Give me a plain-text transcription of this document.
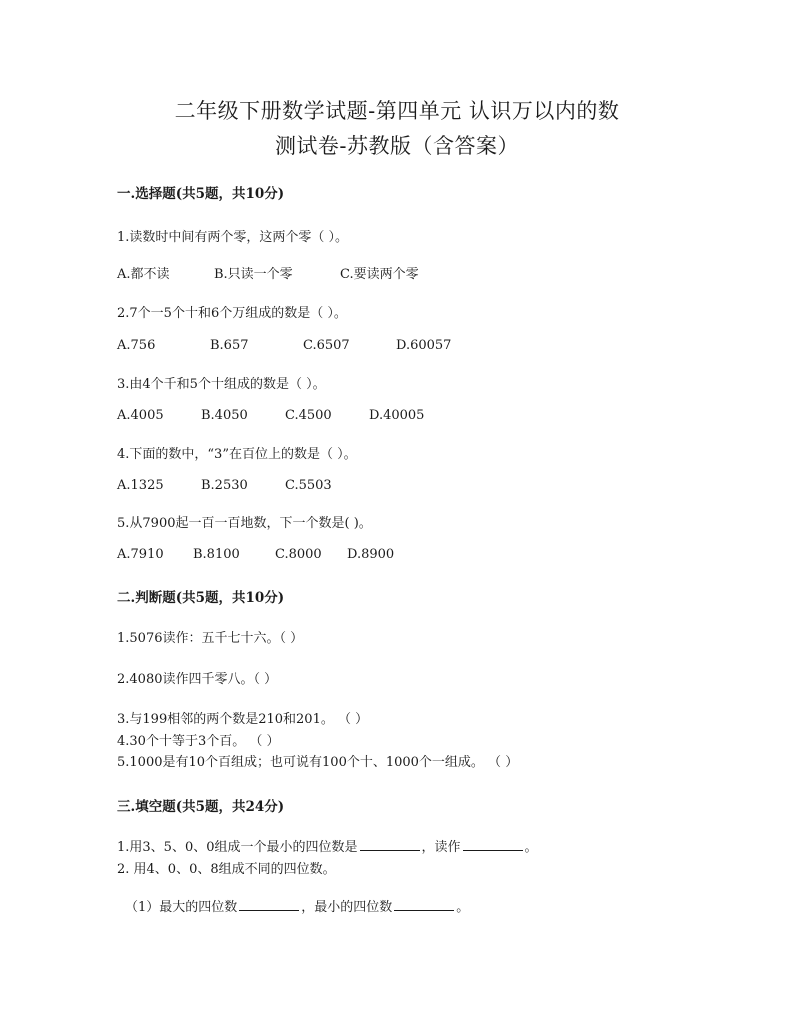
二年级下册数学试题-第四单元 认识万以内的数
测试卷-苏教版（含答案）
一.选择题(共5题，共10分)
1.读数时中间有两个零，这两个零（ ）。
A.都不读	B.只读一个零	C.要读两个零
2.7个一5个十和6个万组成的数是（ ）。
A.756	B.657	C.6507	D.60057
3.由4个千和5个十组成的数是（ ）。
A.4005	B.4050	C.4500	D.40005
4.下面的数中，“3”在百位上的数是（ ）。
A.1325	B.2530	C.5503
5.从7900起一百一百地数，下一个数是( )。
A.7910 B.8100	C.8000 D.8900
二.判断题(共5题，共10分)
1.5076读作：五千七十六。（ ）
2.4080读作四千零八。（ ）
3.与199相邻的两个数是210和201。 （ ）
4.30个十等于3个百。 （ ）
5.1000是有10个百组成；也可说有100个十、1000个一组成。 （ ）
三.填空题(共5题，共24分)
1.用3、5、0、0组成一个最小的四位数是	，读作	。
2. 用4、0、0、8组成不同的四位数。
（1）最大的四位数	，最小的四位数	。
